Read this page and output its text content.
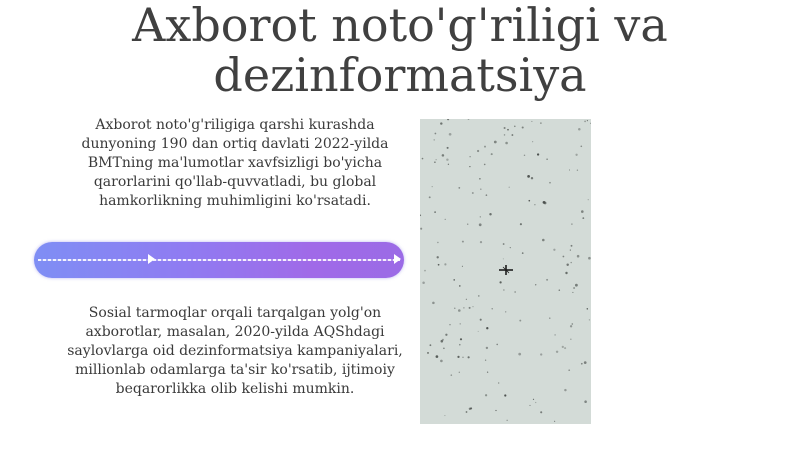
Axborot noto'g'riligi va
dezinformatsiya
Axborot noto'g'riligiga qarshi kurashda dunyoning 190 dan ortiq davlati 2022-yilda BMTning ma'lumotlar xavfsizligi bo'yicha qarorlarini qo'llab-quvvatladi, bu global hamkorlikning muhimligini ko'rsatadi.
Sosial tarmoqlar orqali tarqalgan yolg'on axborotlar, masalan, 2020-yilda AQShdagi saylovlarga oid dezinformatsiya kampaniyalari, millionlab odamlarga ta'sir ko'rsatib, ijtimoiy beqarorlikka olib kelishi mumkin.
